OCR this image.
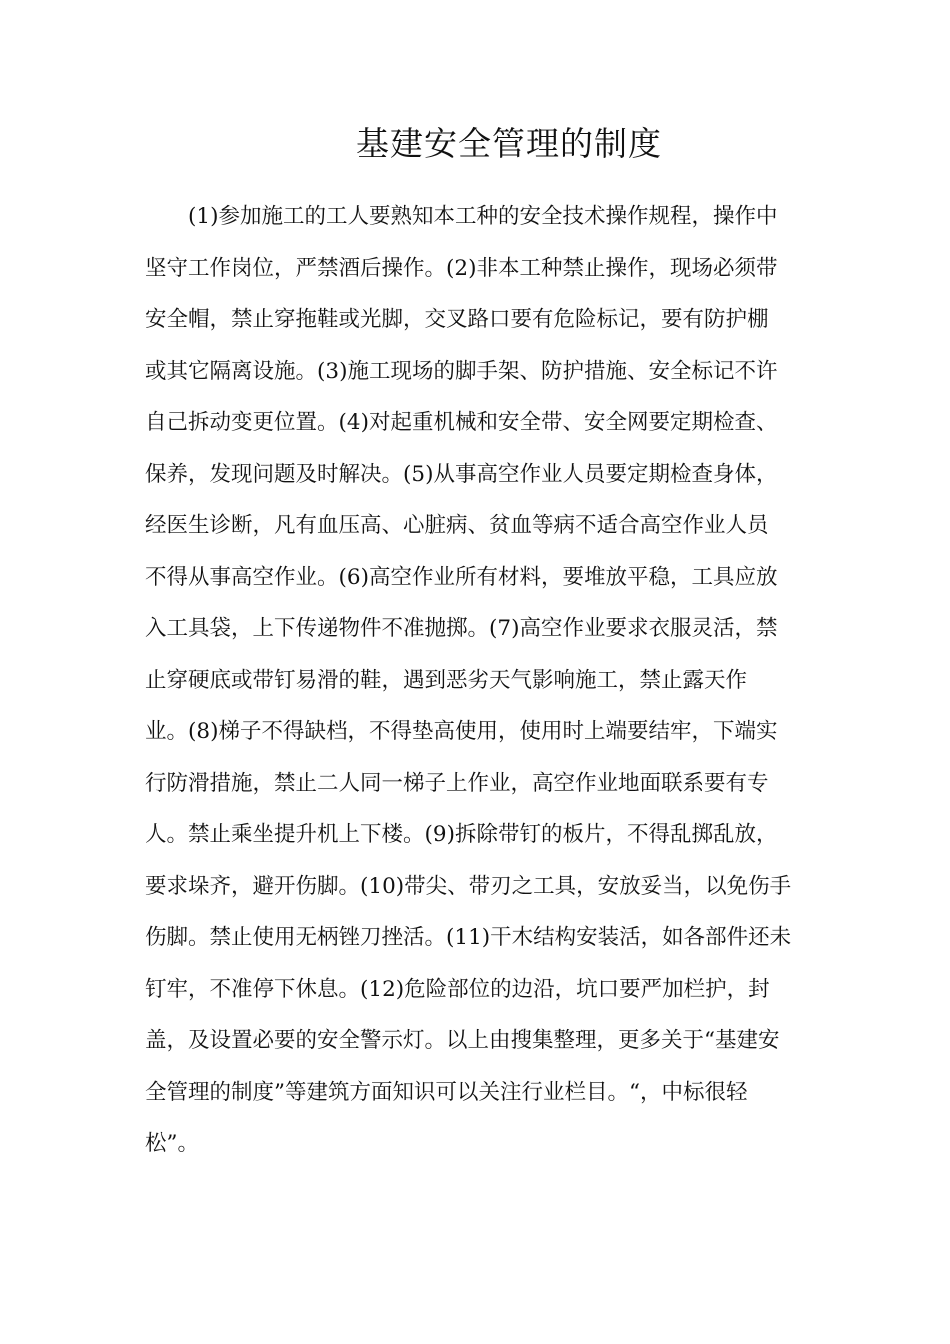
基建安全管理的制度
(1)参加施工的工人要熟知本工种的安全技术操作规程，操作中
坚守工作岗位，严禁酒后操作。(2)非本工种禁止操作，现场必须带
安全帽，禁止穿拖鞋或光脚，交叉路口要有危险标记，要有防护棚
或其它隔离设施。(3)施工现场的脚手架、防护措施、安全标记不许
自己拆动变更位置。(4)对起重机械和安全带、安全网要定期检查、
保养，发现问题及时解决。(5)从事高空作业人员要定期检查身体，
经医生诊断，凡有血压高、心脏病、贫血等病不适合高空作业人员
不得从事高空作业。(6)高空作业所有材料，要堆放平稳，工具应放
入工具袋，上下传递物件不准抛掷。(7)高空作业要求衣服灵活，禁
止穿硬底或带钉易滑的鞋，遇到恶劣天气影响施工，禁止露天作
业。(8)梯子不得缺档，不得垫高使用，使用时上端要结牢，下端实
行防滑措施，禁止二人同一梯子上作业，高空作业地面联系要有专
人。禁止乘坐提升机上下楼。(9)拆除带钉的板片，不得乱掷乱放，
要求垛齐，避开伤脚。(10)带尖、带刃之工具，安放妥当，以免伤手
伤脚。禁止使用无柄锉刀挫活。(11)干木结构安装活，如各部件还未
钉牢，不准停下休息。(12)危险部位的边沿，坑口要严加栏护，封
盖，及设置必要的安全警示灯。以上由搜集整理，更多关于“基建安
全管理的制度”等建筑方面知识可以关注行业栏目。“，中标很轻
松”。
